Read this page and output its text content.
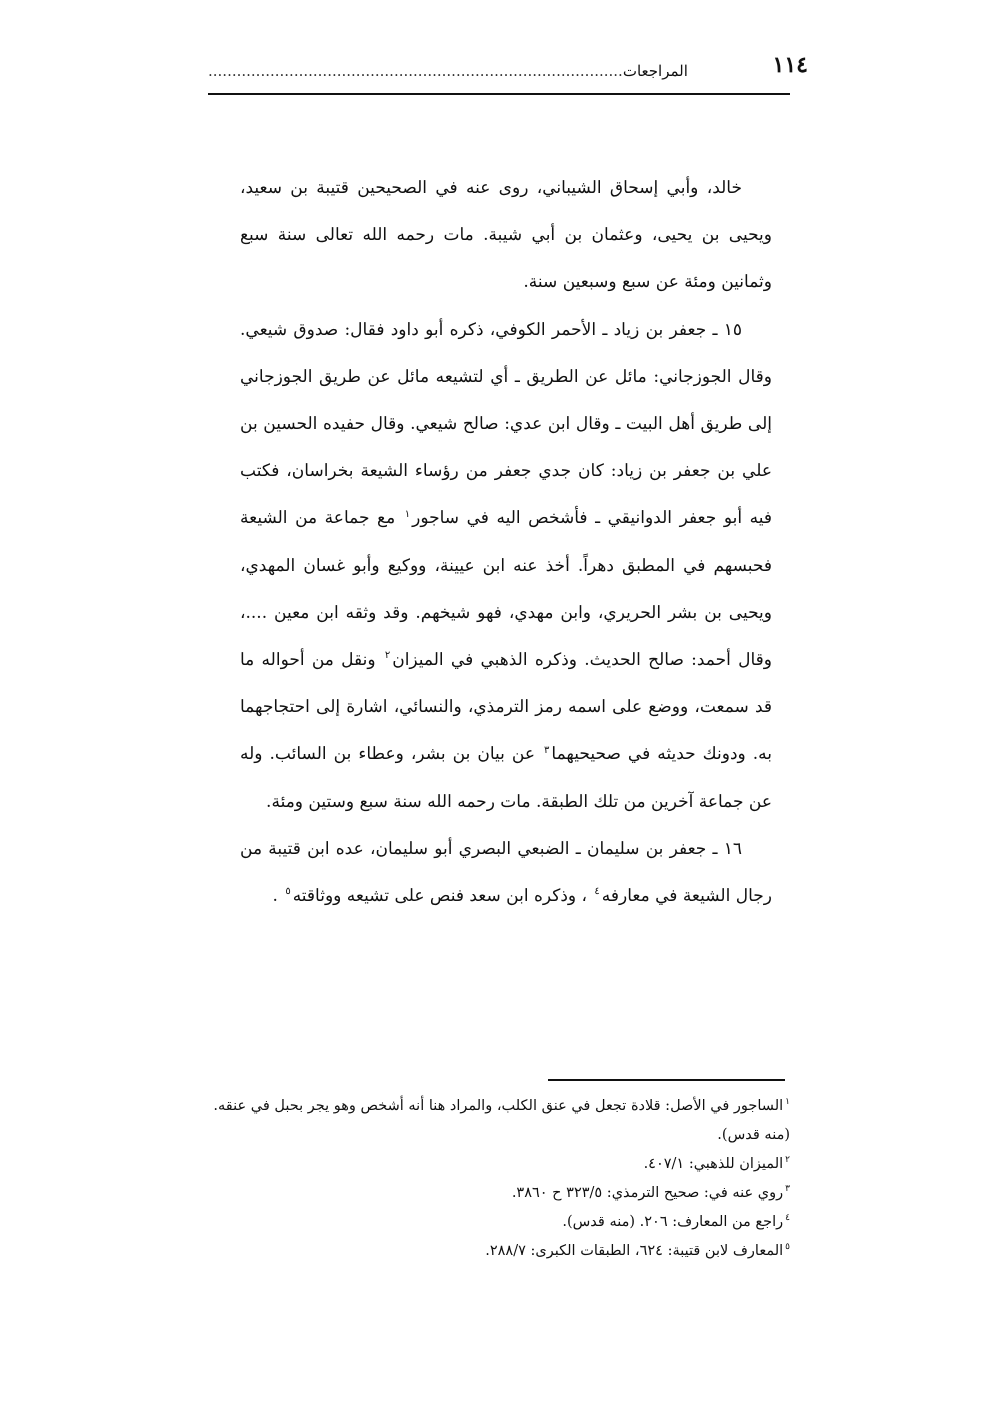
١١٤
المراجعات.......................................................................................

خالد، وأبي إسحاق الشيباني، روى عنه في الصحيحين قتيبة بن سعيد، ويحيى بن يحيى، وعثمان بن أبي شيبة. مات رحمه الله تعالى سنة سبع وثمانين ومئة عن سبع وسبعين سنة.

١٥ ـ جعفر بن زياد ـ الأحمر الكوفي، ذكره أبو داود فقال: صدوق شيعي. وقال الجوزجاني: مائل عن الطريق ـ أي لتشيعه مائل عن طريق الجوزجاني إلى طريق أهل البيت ـ وقال ابن عدي: صالح شيعي. وقال حفيده الحسين بن علي بن جعفر بن زياد: كان جدي جعفر من رؤساء الشيعة بخراسان، فكتب فيه أبو جعفر الدوانيقي ـ فأشخص اليه في ساجور$^١$ مع جماعة من الشيعة فحبسهم في المطبق دهراً. أخذ عنه ابن عيينة، ووكيع وأبو غسان المهدي، ويحيى بن بشر الحريري، وابن مهدي، فهو شيخهم. وقد وثقه ابن معين ....، وقال أحمد: صالح الحديث. وذكره الذهبي في الميزان$^٢$ ونقل من أحواله ما قد سمعت، ووضع على اسمه رمز الترمذي، والنسائي، اشارة إلى احتجاجهما به. ودونك حديثه في صحيحيهما$^٣$ عن بيان بن بشر، وعطاء بن السائب. وله عن جماعة آخرين من تلك الطبقة. مات رحمه الله سنة سبع وستين ومئة.

١٦ ـ جعفر بن سليمان ـ الضبعي البصري أبو سليمان، عده ابن قتيبة من رجال الشيعة في معارفه$^٤$ ، وذكره ابن سعد فنص على تشيعه ووثاقته$^٥$ .

$^١$الساجور في الأصل: قلادة تجعل في عنق الكلب، والمراد هنا أنه أشخص وهو يجر بحبل في عنقه. (منه قدس).

$^٢$الميزان للذهبي: ٤٠٧/١.

$^٣$روي عنه في: صحيح الترمذي: ٣٢٣/٥ ح ٣٨٦٠.

$^٤$راجع من المعارف: ٢٠٦. (منه قدس).

$^٥$المعارف لابن قتيبة: ٦٢٤، الطبقات الكبرى: ٢٨٨/٧.
